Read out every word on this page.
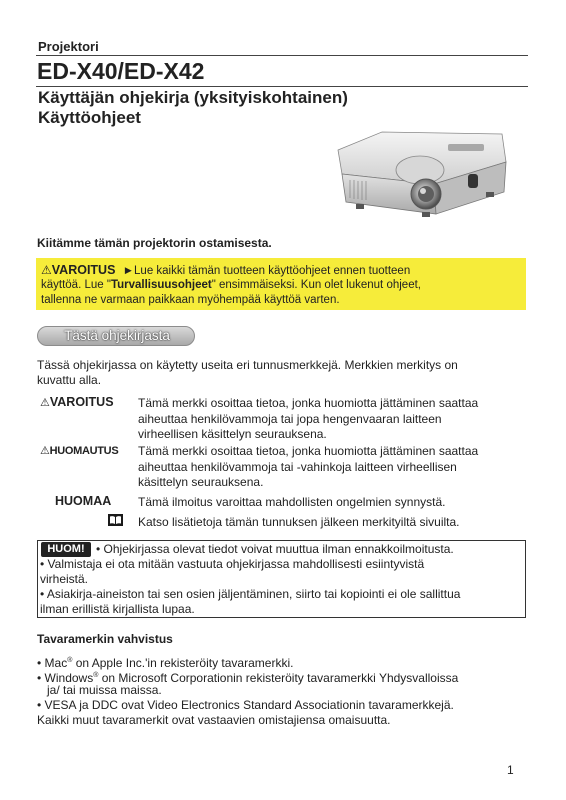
Projektori
ED-X40/ED-X42
Käyttäjän ohjekirja (yksityiskohtainen)
Käyttöohjeet
Kiitämme tämän projektorin ostamisesta.
⚠VAROITUS ►Lue kaikki tämän tuotteen käyttöohjeet ennen tuotteen
käyttöä. Lue "Turvallisuusohjeet" ensimmäiseksi. Kun olet lukenut ohjeet,
tallenna ne varmaan paikkaan myöhempää käyttöä varten.
Tästä ohjekirjasta
Tässä ohjekirjassa on käytetty useita eri tunnusmerkkejä. Merkkien merkitys on
kuvattu alla.
⚠VAROITUS Tämä merkki osoittaa tietoa, jonka huomiotta jättäminen saattaa
aiheuttaa henkilövammoja tai jopa hengenvaaran laitteen
virheellisen käsittelyn seurauksena.
⚠HUOMAUTUS Tämä merkki osoittaa tietoa, jonka huomiotta jättäminen saattaa
aiheuttaa henkilövammoja tai -vahinkoja laitteen virheellisen
käsittelyn seurauksena.
HUOMAA Tämä ilmoitus varoittaa mahdollisten ongelmien synnystä.
Katso lisätietoja tämän tunnuksen jälkeen merkityiltä sivuilta.
HUOM! • Ohjekirjassa olevat tiedot voivat muuttua ilman ennakkoilmoitusta.
• Valmistaja ei ota mitään vastuuta ohjekirjassa mahdollisesti esiintyvistä
virheistä.
• Asiakirja-aineiston tai sen osien jäljentäminen, siirto tai kopiointi ei ole sallittua
ilman erillistä kirjallista lupaa.
Tavaramerkin vahvistus
• Mac® on Apple Inc.'in rekisteröity tavaramerkki.
• Windows® on Microsoft Corporationin rekisteröity tavaramerkki Yhdysvalloissa
ja/ tai muissa maissa.
• VESA ja DDC ovat Video Electronics Standard Associationin tavaramerkkejä.
Kaikki muut tavaramerkit ovat vastaavien omistajiensa omaisuutta.
1
